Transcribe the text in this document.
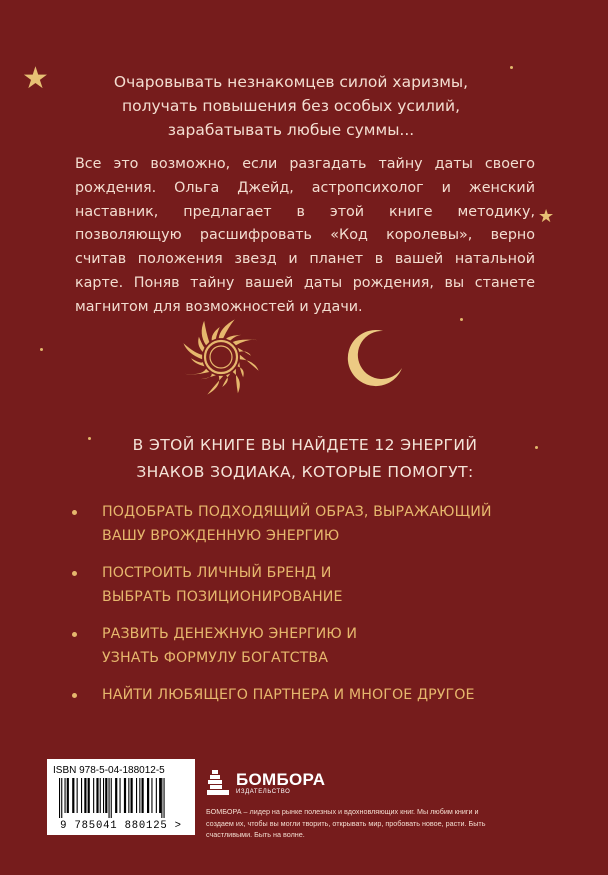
★
★
Очаровывать незнакомцев силой харизмы,
получать повышения без особых усилий,
зарабатывать любые суммы...
Все это возможно, если разгадать тайну даты своего рождения. Ольга Джейд, астропсихолог и женский наставник, предлагает в этой книге методику, позволяющую расшифровать «Код королевы», верно считав положения звезд и планет в вашей натальной карте. Поняв тайну вашей даты рождения, вы станете магнитом для возможностей и удачи.
В ЭТОЙ КНИГЕ ВЫ НАЙДЕТЕ 12 ЭНЕРГИЙ
ЗНАКОВ ЗОДИАКА, КОТОРЫЕ ПОМОГУТ:
ПОДОБРАТЬ ПОДХОДЯЩИЙ ОБРАЗ, ВЫРАЖАЮЩИЙ ВАШУ ВРОЖДЕННУЮ ЭНЕРГИЮ
ПОСТРОИТЬ ЛИЧНЫЙ БРЕНД И ВЫБРАТЬ ПОЗИЦИОНИРОВАНИЕ
РАЗВИТЬ ДЕНЕЖНУЮ ЭНЕРГИЮ И УЗНАТЬ ФОРМУЛУ БОГАТСТВА
НАЙТИ ЛЮБЯЩЕГО ПАРТНЕРА И МНОГОЕ ДРУГОЕ
ISBN 978-5-04-188012-5
9 785041 880125 >
БОМБОРА
ИЗДАТЕЛЬСТВО
БОМБОРА – лидер на рынке полезных и вдохновляющих книг. Мы любим книги и создаем их, чтобы вы могли творить, открывать мир, пробовать новое, расти. Быть счастливыми. Быть на волне.
